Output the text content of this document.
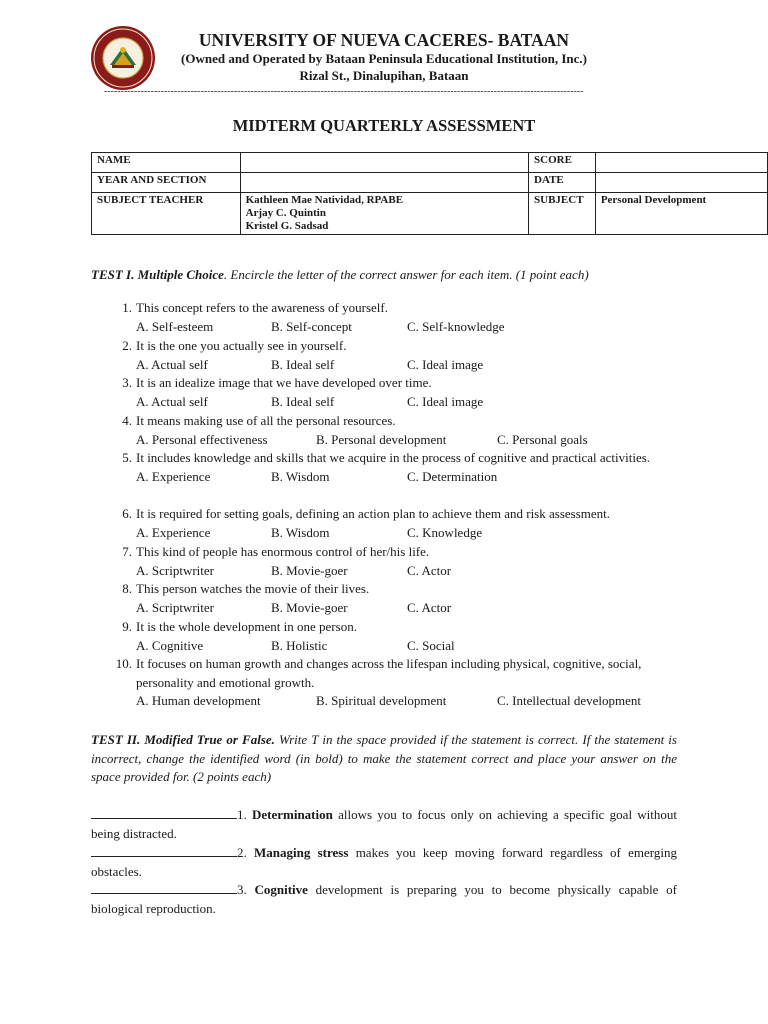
UNIVERSITY OF NUEVA CACERES- BATAAN
(Owned and Operated by Bataan Peninsula Educational Institution, Inc.)
Rizal St., Dinalupihan, Bataan
------------------------------------------------------------------------------------------------------------------------------------------------
MIDTERM QUARTERLY ASSESSMENT
NAME		SCORE	
YEAR AND SECTION		DATE	
SUBJECT TEACHER	Kathleen Mae Natividad, RPABE
Arjay C. Quintin
Kristel G. Sadsad	SUBJECT	Personal Development
TEST I. Multiple Choice. Encircle the letter of the correct answer for each item. (1 point each)
1. This concept refers to the awareness of yourself.
A. Self-esteem	B. Self-concept	C. Self-knowledge
2. It is the one you actually see in yourself.
A. Actual self	B. Ideal self	C. Ideal image
3. It is an idealize image that we have developed over time.
A. Actual self	B. Ideal self	C. Ideal image
4. It means making use of all the personal resources.
A. Personal effectiveness	B. Personal development	C. Personal goals
5. It includes knowledge and skills that we acquire in the process of cognitive and practical activities.
A. Experience	B. Wisdom	C. Determination
6. It is required for setting goals, defining an action plan to achieve them and risk assessment.
A. Experience	B. Wisdom	C. Knowledge
7. This kind of people has enormous control of her/his life.
A. Scriptwriter	B. Movie-goer	C. Actor
8. This person watches the movie of their lives.
A. Scriptwriter	B. Movie-goer	C. Actor
9. It is the whole development in one person.
A. Cognitive	B. Holistic	C. Social
10. It focuses on human growth and changes across the lifespan including physical, cognitive, social, personality and emotional growth.
A. Human development	B. Spiritual development	C. Intellectual development
TEST II. Modified True or False. Write T in the space provided if the statement is correct. If the statement is incorrect, change the identified word (in bold) to make the statement correct and place your answer on the space provided for. (2 points each)
1. Determination allows you to focus only on achieving a specific goal without being distracted.
2. Managing stress makes you keep moving forward regardless of emerging obstacles.
3. Cognitive development is preparing you to become physically capable of biological reproduction.
